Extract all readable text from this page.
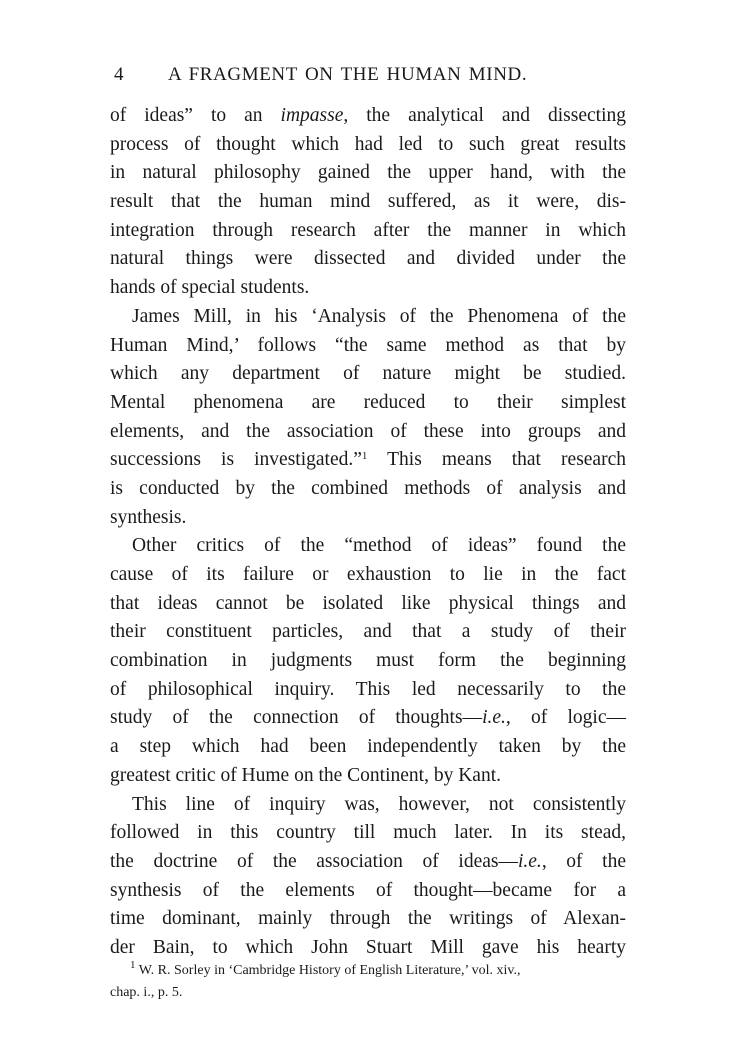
4 A FRAGMENT ON THE HUMAN MIND.
of ideas” to an impasse, the analytical and dissecting
process of thought which had led to such great results
in natural philosophy gained the upper hand, with the
result that the human mind suffered, as it were, dis-
integration through research after the manner in which
natural things were dissected and divided under the
hands of special students.
James Mill, in his ‘Analysis of the Phenomena of the
Human Mind,’ follows “the same method as that by
which any department of nature might be studied.
Mental phenomena are reduced to their simplest
elements, and the association of these into groups and
successions is investigated.”$^1$ This means that research
is conducted by the combined methods of analysis and
synthesis.
Other critics of the “method of ideas” found the
cause of its failure or exhaustion to lie in the fact
that ideas cannot be isolated like physical things and
their constituent particles, and that a study of their
combination in judgments must form the beginning
of philosophical inquiry. This led necessarily to the
study of the connection of thoughts—i.e., of logic—
a step which had been independently taken by the
greatest critic of Hume on the Continent, by Kant.
This line of inquiry was, however, not consistently
followed in this country till much later. In its stead,
the doctrine of the association of ideas—i.e., of the
synthesis of the elements of thought—became for a
time dominant, mainly through the writings of Alexan-
der Bain, to which John Stuart Mill gave his hearty
$^1$ W. R. Sorley in ‘Cambridge History of English Literature,’ vol. xiv.,
chap. i., p. 5.
